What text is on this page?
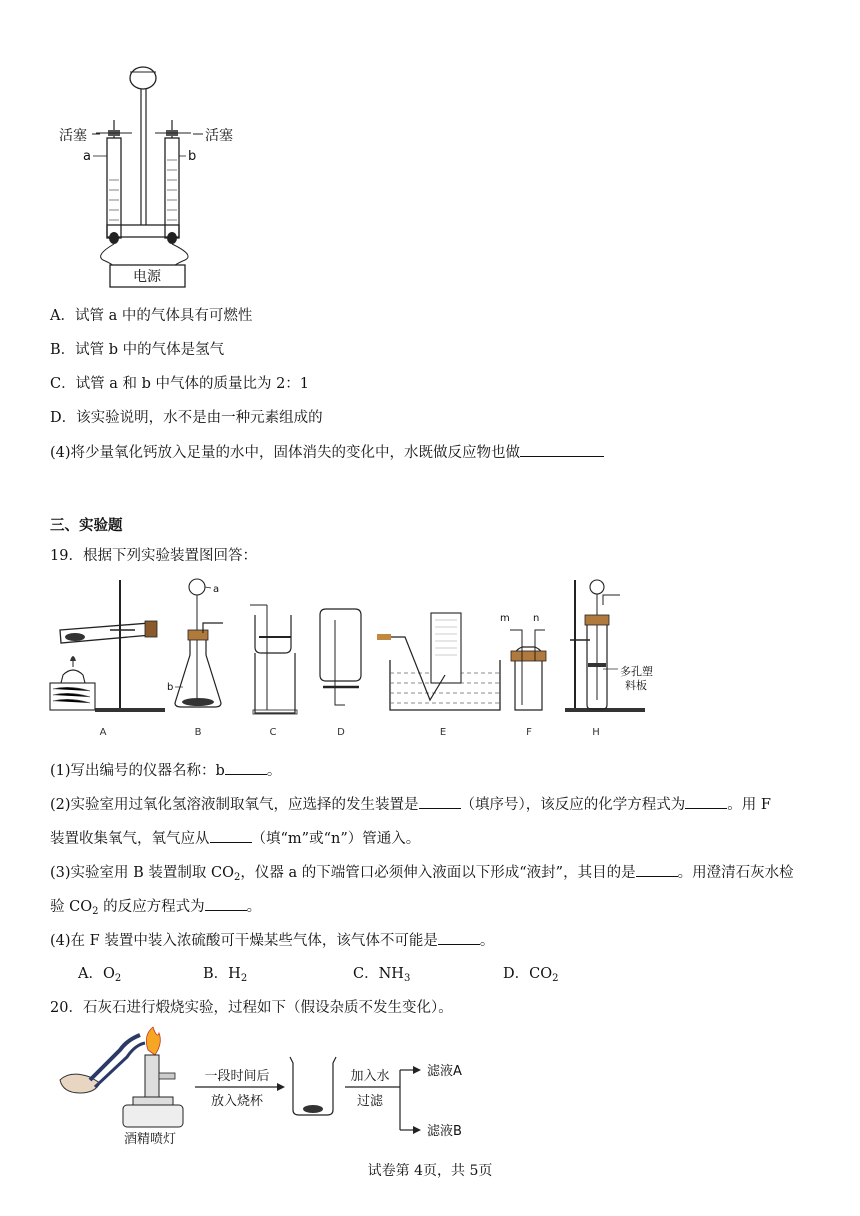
电源
活塞	活塞
a	b
A．试管 a 中的气体具有可燃性
B．试管 b 中的气体是氢气
C．试管 a 和 b 中气体的质量比为 2：1
D．该实验说明，水不是由一种元素组成的
(4)将少量氧化钙放入足量的水中，固体消失的变化中，水既做反应物也做
三、实验题
19．根据下列实验装置图回答：
A
a
b
B	C	D	E
m n
F
多孔塑
料板
H
(1)写出编号的仪器名称：b	。
(2)实验室用过氧化氢溶液制取氧气，应选择的发生装置是	（填序号），该反应的化学方程式为	。用 F
装置收集氧气，氧气应从	（填“m”或“n”）管通入。
(3)实验室用 B 装置制取 $CO_2$，仪器 a 的下端管口必须伸入液面以下形成“液封”，其目的是	。用澄清石灰水检
验 $CO_2$ 的反应方程式为	。
(4)在 F 装置中装入浓硫酸可干燥某些气体，该气体不可能是	。
A．$O_2$	B．$H_2$	C．$NH_3$	D．$CO_2$
20．石灰石进行煅烧实验，过程如下（假设杂质不发生变化）。
酒精喷灯
一段时间后
放入烧杯
加入水
过滤
滤液A
滤液B
试卷第 4页，共 5页
